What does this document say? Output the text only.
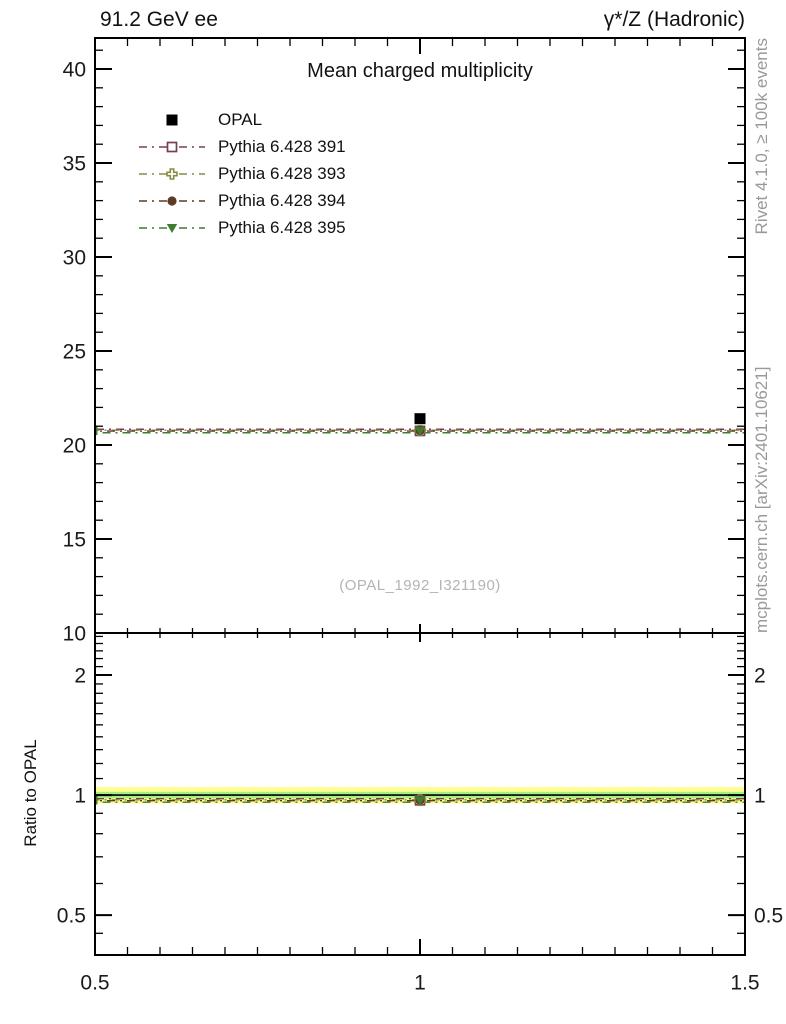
91.2 GeV ee	γ*/Z (Hadronic)
0.5	1	1.5
10
15
20
25
30
35
40
0.5	0.5
1	1
2	2
Mean charged multiplicity
OPAL
Pythia 6.428 391
Pythia 6.428 393
Pythia 6.428 394
Pythia 6.428 395
(OPAL_1992_I321190)
Ratio to OPAL
Rivet 4.1.0, ≥ 100k events
mcplots.cern.ch [arXiv:2401.10621]
